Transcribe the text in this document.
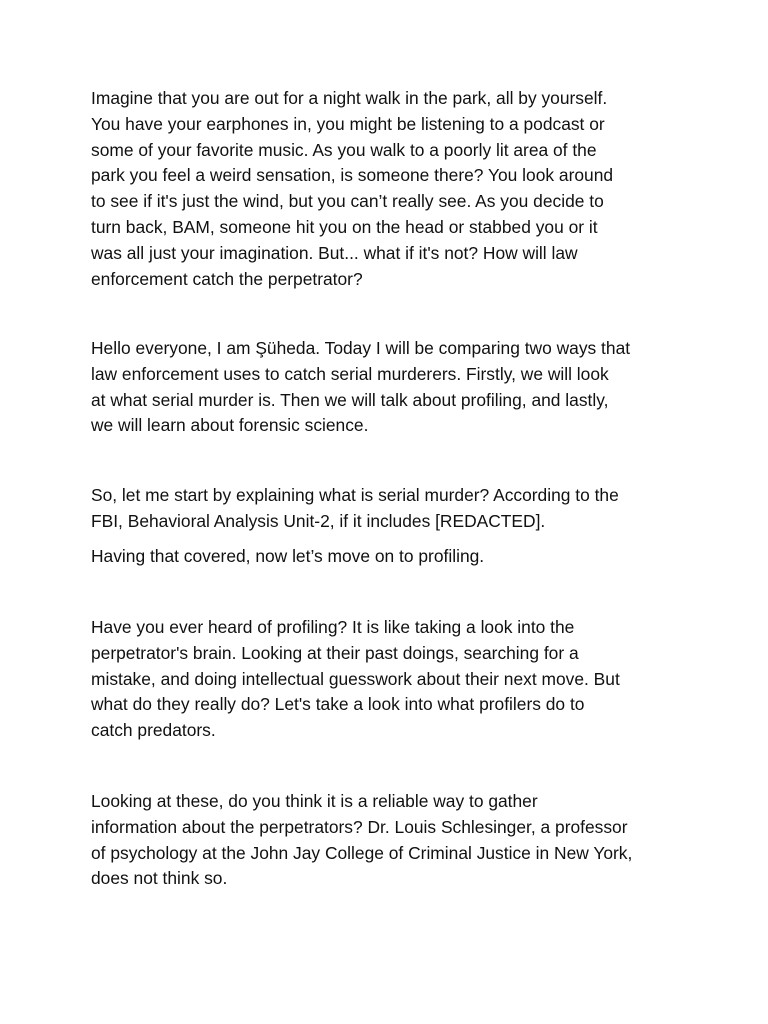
Imagine that you are out for a night walk in the park, all by yourself.
You have your earphones in, you might be listening to a podcast or
some of your favorite music. As you walk to a poorly lit area of the
park you feel a weird sensation, is someone there? You look around
to see if it's just the wind, but you can’t really see. As you decide to
turn back, BAM, someone hit you on the head or stabbed you or it
was all just your imagination. But... what if it's not? How will law
enforcement catch the perpetrator?

Hello everyone, I am Şüheda. Today I will be comparing two ways that
law enforcement uses to catch serial murderers. Firstly, we will look
at what serial murder is. Then we will talk about profiling, and lastly,
we will learn about forensic science.

So, let me start by explaining what is serial murder? According to the
FBI, Behavioral Analysis Unit-2, if it includes [REDACTED].

Having that covered, now let’s move on to profiling.

Have you ever heard of profiling? It is like taking a look into the
perpetrator's brain. Looking at their past doings, searching for a
mistake, and doing intellectual guesswork about their next move. But
what do they really do? Let's take a look into what profilers do to
catch predators.

Looking at these, do you think it is a reliable way to gather
information about the perpetrators? Dr. Louis Schlesinger, a professor
of psychology at the John Jay College of Criminal Justice in New York,
does not think so.
